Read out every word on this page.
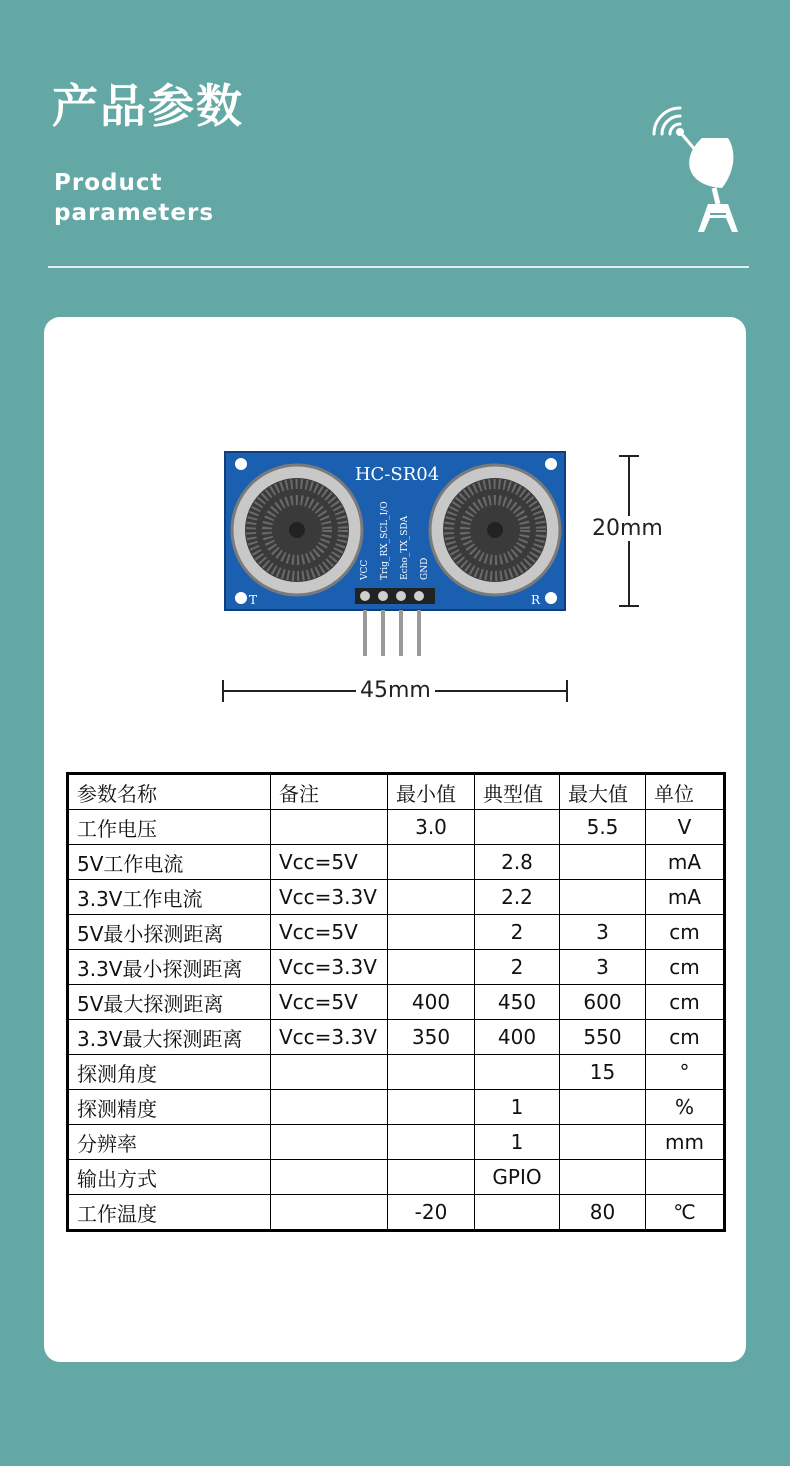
产品参数
Product
parameters
HC-SR04
VCC Trig_RX_SCL_I/O Echo_TX_SDA GND
T	R
20mm
45mm
参数名称	备注	最小值	典型值	最大值	单位
工作电压		3.0		5.5	V
5V工作电流	Vcc=5V		2.8		mA
3.3V工作电流	Vcc=3.3V		2.2		mA
5V最小探测距离	Vcc=5V		2	3	cm
3.3V最小探测距离	Vcc=3.3V		2	3	cm
5V最大探测距离	Vcc=5V	400	450	600	cm
3.3V最大探测距离	Vcc=3.3V	350	400	550	cm
探测角度				15	°
探测精度			1		%
分辨率			1		mm
输出方式			GPIO		
工作温度		-20		80	℃
